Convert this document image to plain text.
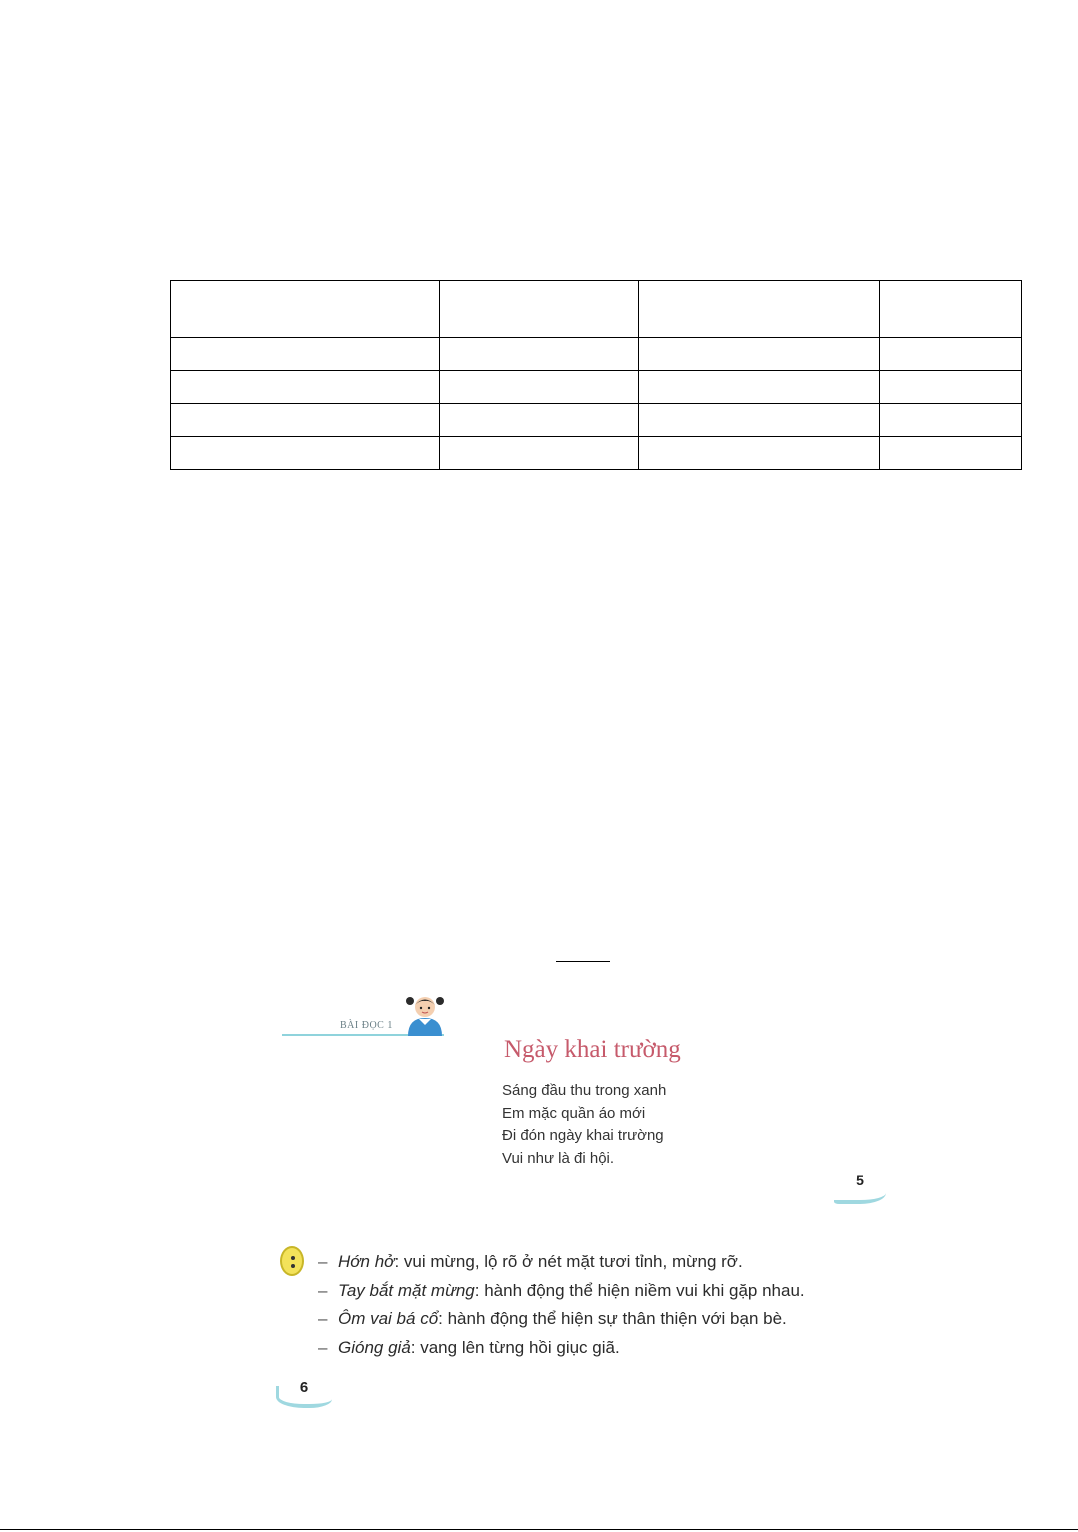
BÀI ĐỌC 1
Ngày khai trường
Sáng đầu thu trong xanh
Em mặc quần áo mới
Đi đón ngày khai trường
Vui như là đi hội.
5
– Hớn hở: vui mừng, lộ rõ ở nét mặt tươi tỉnh, mừng rỡ.
– Tay bắt mặt mừng: hành động thể hiện niềm vui khi gặp nhau.
– Ôm vai bá cổ: hành động thể hiện sự thân thiện với bạn bè.
– Gióng giả: vang lên từng hồi giục giã.
6
